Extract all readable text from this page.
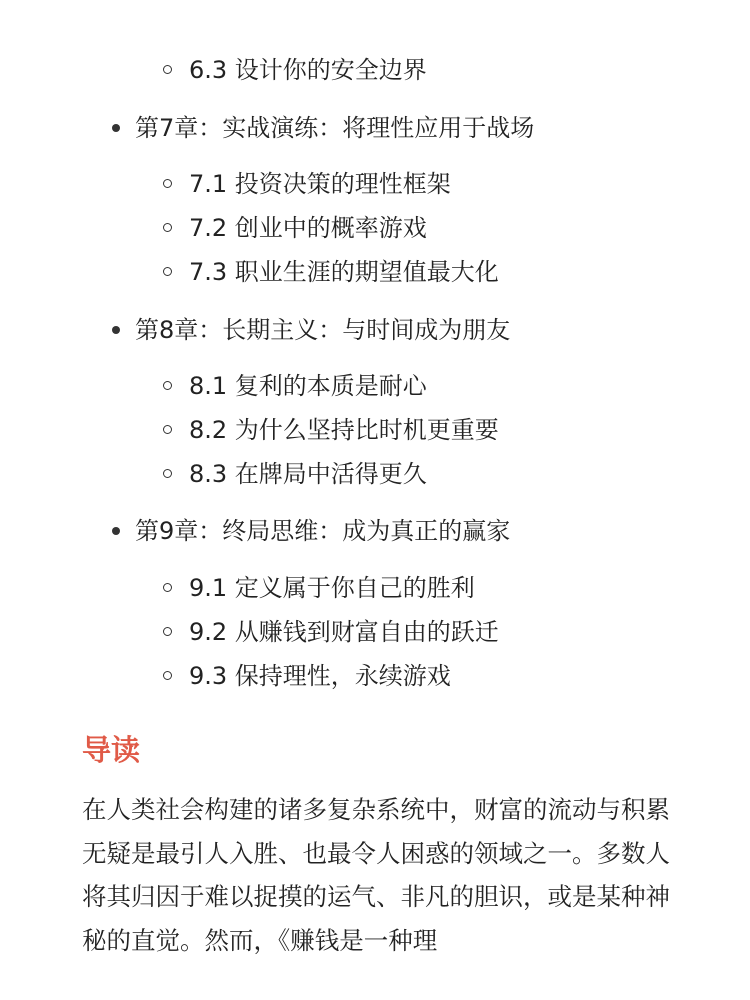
6.3 设计你的安全边界
第7章：实战演练：将理性应用于战场
7.1 投资决策的理性框架
7.2 创业中的概率游戏
7.3 职业生涯的期望值最大化
第8章：长期主义：与时间成为朋友
8.1 复利的本质是耐心
8.2 为什么坚持比时机更重要
8.3 在牌局中活得更久
第9章：终局思维：成为真正的赢家
9.1 定义属于你自己的胜利
9.2 从赚钱到财富自由的跃迁
9.3 保持理性，永续游戏
导读

在人类社会构建的诸多复杂系统中，财富的流动与积累无疑是最引人入胜、也最令人困惑的领域之一。多数人将其归因于难以捉摸的运气、非凡的胆识，或是某种神秘的直觉。然而，《赚钱是一种理
